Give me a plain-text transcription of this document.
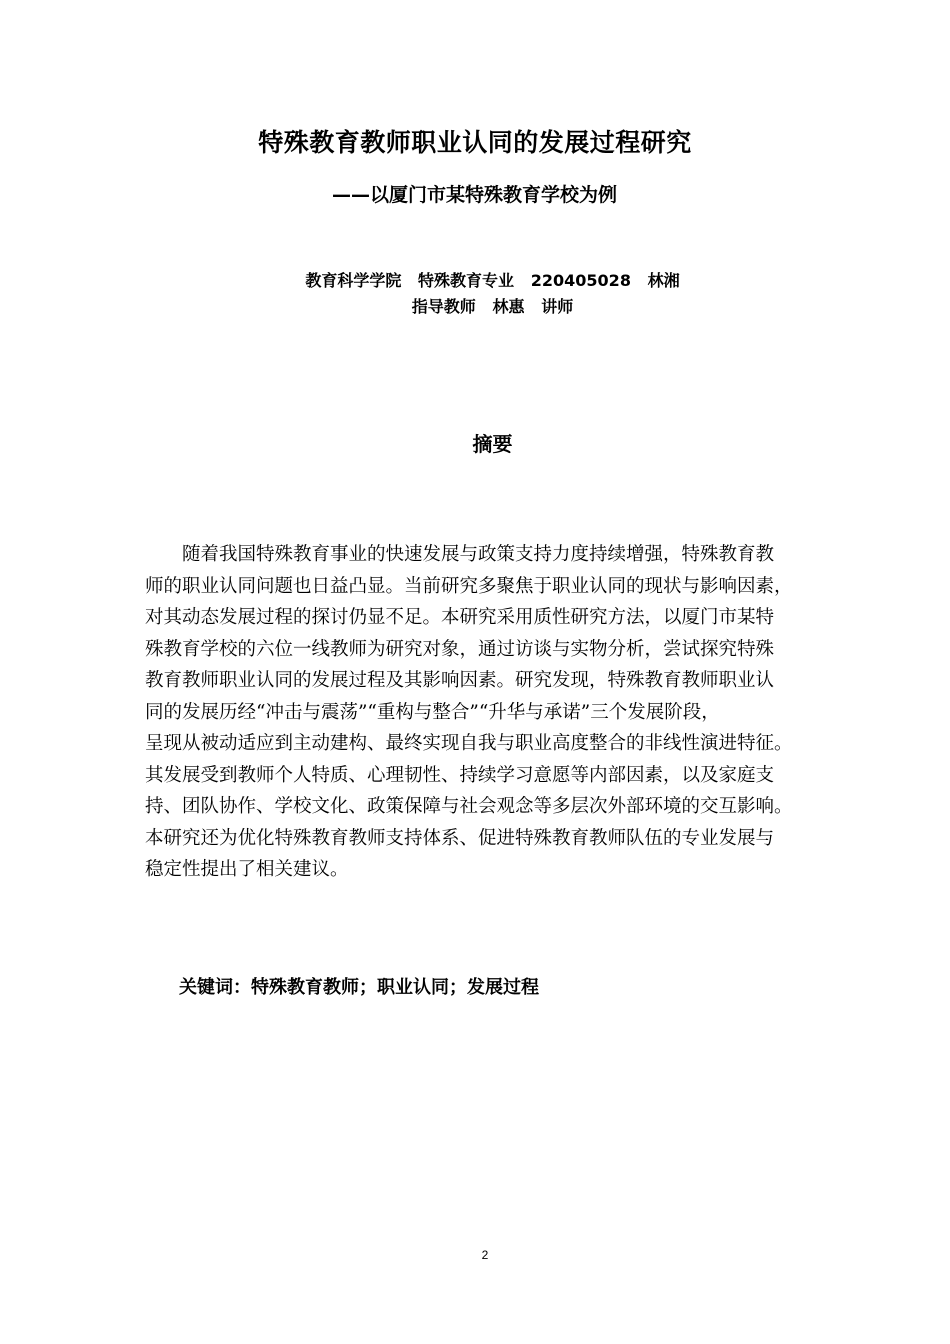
特殊教育教师职业认同的发展过程研究
——以厦门市某特殊教育学校为例
教育科学学院   特殊教育专业   220405028   林湘
指导教师   林惠   讲师
摘要
　　随着我国特殊教育事业的快速发展与政策支持力度持续增强，特殊教育教
师的职业认同问题也日益凸显。当前研究多聚焦于职业认同的现状与影响因素，
对其动态发展过程的探讨仍显不足。本研究采用质性研究方法，以厦门市某特
殊教育学校的六位一线教师为研究对象，通过访谈与实物分析，尝试探究特殊
教育教师职业认同的发展过程及其影响因素。研究发现，特殊教育教师职业认
同的发展历经“冲击与震荡”“重构与整合”“升华与承诺”三个发展阶段，
呈现从被动适应到主动建构、最终实现自我与职业高度整合的非线性演进特征。
其发展受到教师个人特质、心理韧性、持续学习意愿等内部因素，以及家庭支
持、团队协作、学校文化、政策保障与社会观念等多层次外部环境的交互影响。
本研究还为优化特殊教育教师支持体系、促进特殊教育教师队伍的专业发展与
稳定性提出了相关建议。
关键词：特殊教育教师；职业认同；发展过程
2
